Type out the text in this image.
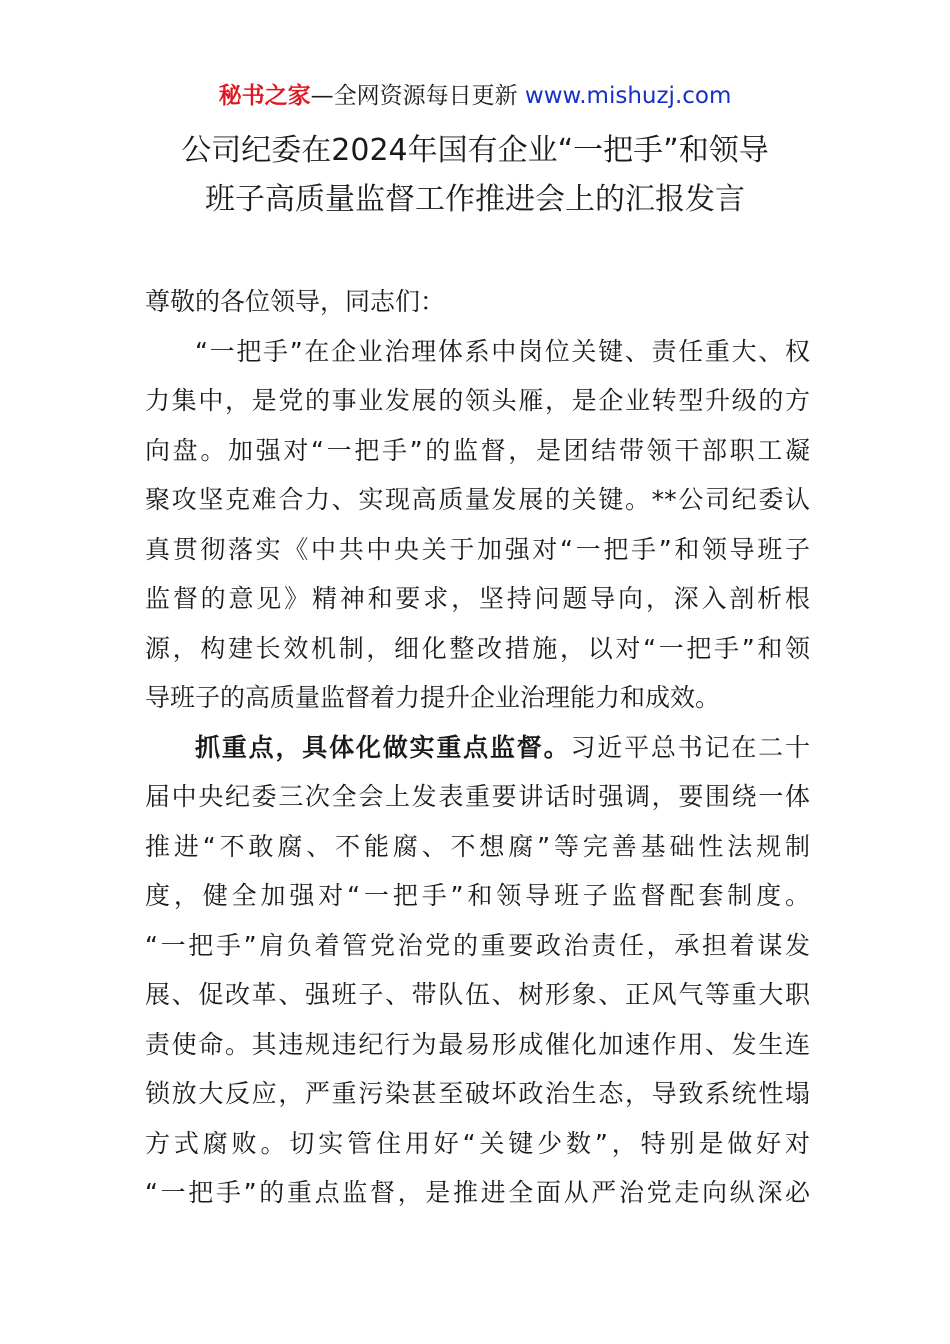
秘书之家—全网资源每日更新 www.mishuzj.com
公司纪委在2024年国有企业“一把手”和领导
班子高质量监督工作推进会上的汇报发言
尊敬的各位领导，同志们：
“一把手”在企业治理体系中岗位关键、责任重大、权
力集中，是党的事业发展的领头雁，是企业转型升级的方
向盘。加强对“一把手”的监督，是团结带领干部职工凝
聚攻坚克难合力、实现高质量发展的关键。**公司纪委认
真贯彻落实《中共中央关于加强对“一把手”和领导班子
监督的意见》精神和要求，坚持问题导向，深入剖析根
源，构建长效机制，细化整改措施，以对“一把手”和领
导班子的高质量监督着力提升企业治理能力和成效。
抓重点，具体化做实重点监督。习近平总书记在二十
届中央纪委三次全会上发表重要讲话时强调，要围绕一体
推进“不敢腐、不能腐、不想腐”等完善基础性法规制
度，健全加强对“一把手”和领导班子监督配套制度。
“一把手”肩负着管党治党的重要政治责任，承担着谋发
展、促改革、强班子、带队伍、树形象、正风气等重大职
责使命。其违规违纪行为最易形成催化加速作用、发生连
锁放大反应，严重污染甚至破坏政治生态，导致系统性塌
方式腐败。切实管住用好“关键少数”，特别是做好对
“一把手”的重点监督，是推进全面从严治党走向纵深必
